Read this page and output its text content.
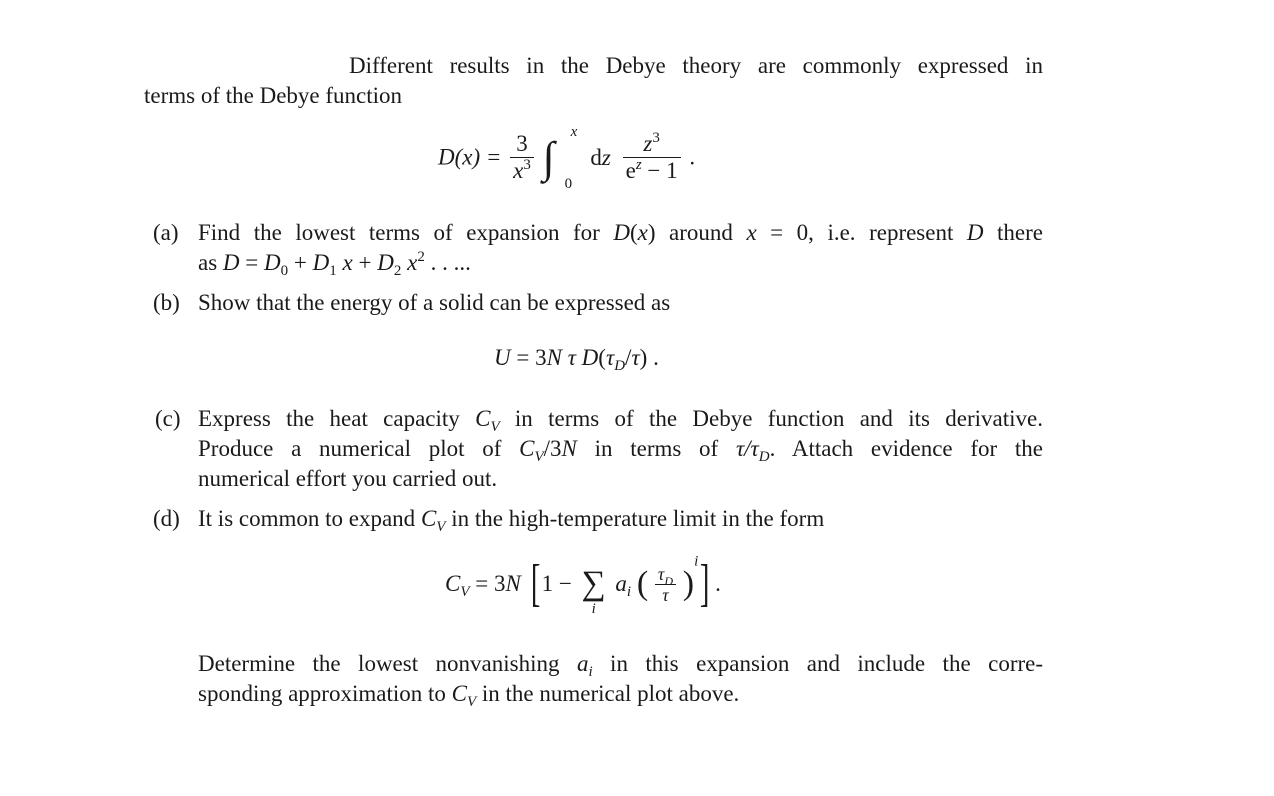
Different results in the Debye theory are commonly expressed in
terms of the Debye function
$D(x) = \frac{3}{x^3}$ ∫
x
0
dz $\frac{z^3}{e^z - 1}$ .
(a) Find the lowest terms of expansion for D(x) around x = 0, i.e. represent D there
as $D = D_0 + D_1$ $x + D_2$ $x^2$ . . ...
(b) Show that the energy of a solid can be expressed as
U = 3N τ $D(\tau_D/\tau)$ .
(c) Express the heat capacity $C_V$ in terms of the Debye function and its derivative.
Produce a numerical plot of $C_V/3N$ in terms of $\tau/\tau_D$. Attach evidence for the
numerical effort you carried out.
(d) It is common to expand $C_V$ in the high-temperature limit in the form
$C_V = 3N$ [ 1 − ∑
i
$a_i$ ( $\frac{\tau_D}{\tau} )^i$ ] .
Determine the lowest nonvanishing $a_i$ in this expansion and include the corre-
sponding approximation to $C_V$ in the numerical plot above.
